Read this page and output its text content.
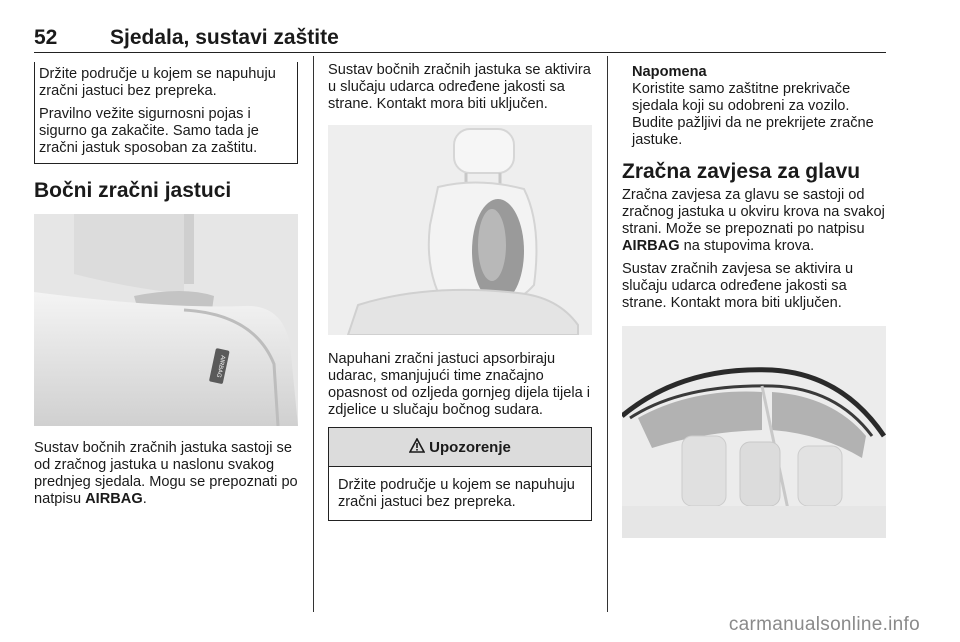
52	Sjedala, sustavi zaštite

Držite područje u kojem se napuhuju zračni jastuci bez prepreka.

Pravilno vežite sigurnosni pojas i sigurno ga zakačite. Samo tada je zračni jastuk sposoban za zaštitu.

Bočni zračni jastuci
AIRBAG

Sustav bočnih zračnih jastuka sastoji se od zračnog jastuka u naslonu svakog prednjeg sjedala. Mogu se prepoznati po natpisu AIRBAG.

Sustav bočnih zračnih jastuka se aktivira u slučaju udarca određene jakosti sa strane. Kontakt mora biti uključen.

Napuhani zračni jastuci apsorbiraju udarac, smanjujući time značajno opasnost od ozljeda gornjeg dijela tijela i zdjelice u slučaju bočnog sudara.

Upozorenje

Držite područje u kojem se napuhuju zračni jastuci bez prepreka.

Napomena

Koristite samo zaštitne prekrivače sjedala koji su odobreni za vozilo. Budite pažljivi da ne prekrijete zračne jastuke.

Zračna zavjesa za glavu

Zračna zavjesa za glavu se sastoji od zračnog jastuka u okviru krova na svakoj strani. Može se prepoznati po natpisu AIRBAG na stupovima krova.

Sustav zračnih zavjesa se aktivira u slučaju udarca određene jakosti sa strane. Kontakt mora biti uključen.

carmanualsonline.info
